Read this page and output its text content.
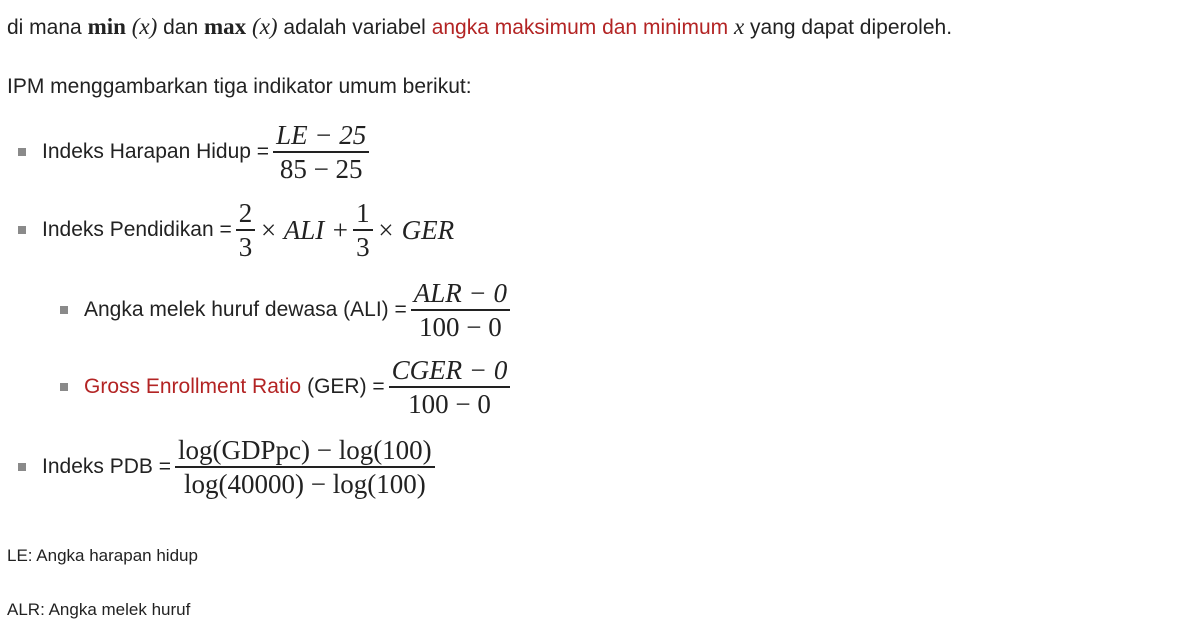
di mana min (x) dan max (x) adalah variabel angka maksimum dan minimum x yang dapat diperoleh.
IPM menggambarkan tiga indikator umum berikut:
Indeks Harapan Hidup = $\frac{LE - 25}{85 - 25}$
Indeks Pendidikan = $\frac{2}{3}$ × ALI + $\frac{1}{3}$ × GER
Angka melek huruf dewasa $(ALI) = \frac{\text{ALR − 0}}{100 - 0}$
Gross Enrollment Ratio $(GER) = \frac{\text{CGER − 0}}{100 - 0}$
Indeks PDB = $\frac{\text{log(GDPpc) − log(100)}}{\log(40000) - \log(100)}$
LE: Angka harapan hidup
ALR: Angka melek huruf
